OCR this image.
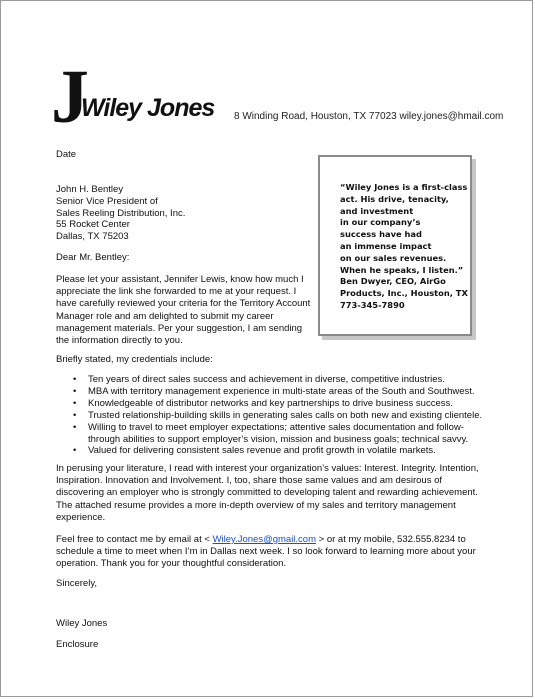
J
Wiley Jones 8 Winding Road, Houston, TX 77023 wiley.jones@hmail.com
Date
John H. Bentley
Senior Vice President of
Sales Reeling Distribution, Inc.
55 Rocket Center
Dallas, TX 75203
Dear Mr. Bentley:

Please let your assistant, Jennifer Lewis, know how much I appreciate the link she forwarded to me at your request. I have carefully reviewed your criteria for the Territory Account Manager role and am delighted to submit my career management materials. Per your suggestion, I am sending the information directly to you.

“Wiley Jones is a first-class
act. His drive, tenacity,
and investment
in our company’s
success have had
an immense impact
on our sales revenues.
When he speaks, I listen.”
Ben Dwyer, CEO, AirGo
Products, Inc., Houston, TX
773-345-7890

Briefly stated, my credentials include:

• Ten years of direct sales success and achievement in diverse, competitive industries.
• MBA with territory management experience in multi-state areas of the South and Southwest.
• Knowledgeable of distributor networks and key partnerships to drive business success.
• Trusted relationship-building skills in generating sales calls on both new and existing clientele.
• Willing to travel to meet employer expectations; attentive sales documentation and follow-through abilities to support employer’s vision, mission and business goals; technical savvy.
• Valued for delivering consistent sales revenue and profit growth in volatile markets.

In perusing your literature, I read with interest your organization’s values: Interest. Integrity. Intention, Inspiration. Innovation and Involvement. I, too, share those same values and am desirous of discovering an employer who is strongly committed to developing talent and rewarding achievement. The attached resume provides a more in-depth overview of my sales and territory management experience.

Feel free to contact me by email at < Wiley.Jones@gmail.com > or at my mobile, 532.555.8234 to schedule a time to meet when I’m in Dallas next week. I so look forward to learning more about your operation. Thank you for your thoughtful consideration.

Sincerely,
Wiley Jones
Enclosure
